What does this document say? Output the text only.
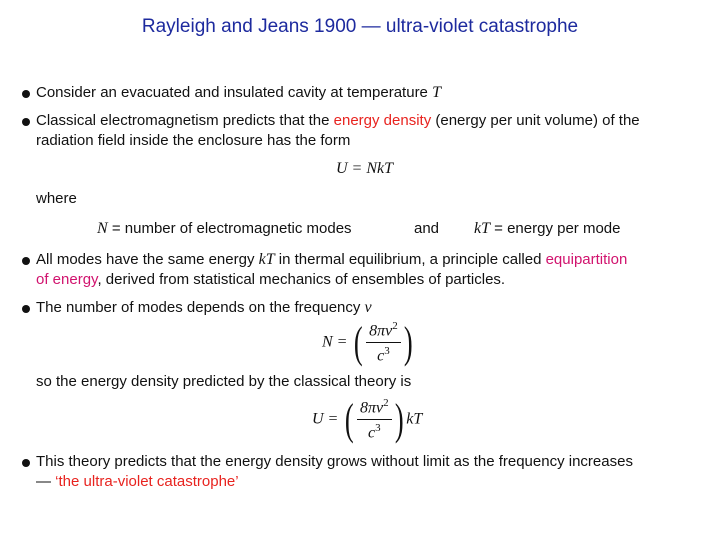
Rayleigh and Jeans 1900 — ultra-violet catastrophe
Consider an evacuated and insulated cavity at temperature T
Classical electromagnetism predicts that the energy density (energy per unit volume) of the
radiation field inside the enclosure has the form
U = NkT
where
N = number of electromagnetic modes	and kT = energy per mode
All modes have the same energy kT in thermal equilibrium, a principle called equipartition
of energy, derived from statistical mechanics of ensembles of particles.
The number of modes depends on the frequency ν
N = ( $\frac{8\pi\nu^2}{c^3}$ )
so the energy density predicted by the classical theory is
U = ( $\frac{8\pi\nu^2}{c^3}$ ) kT
This theory predicts that the energy density grows without limit as the frequency increases
— ‘the ultra-violet catastrophe’
